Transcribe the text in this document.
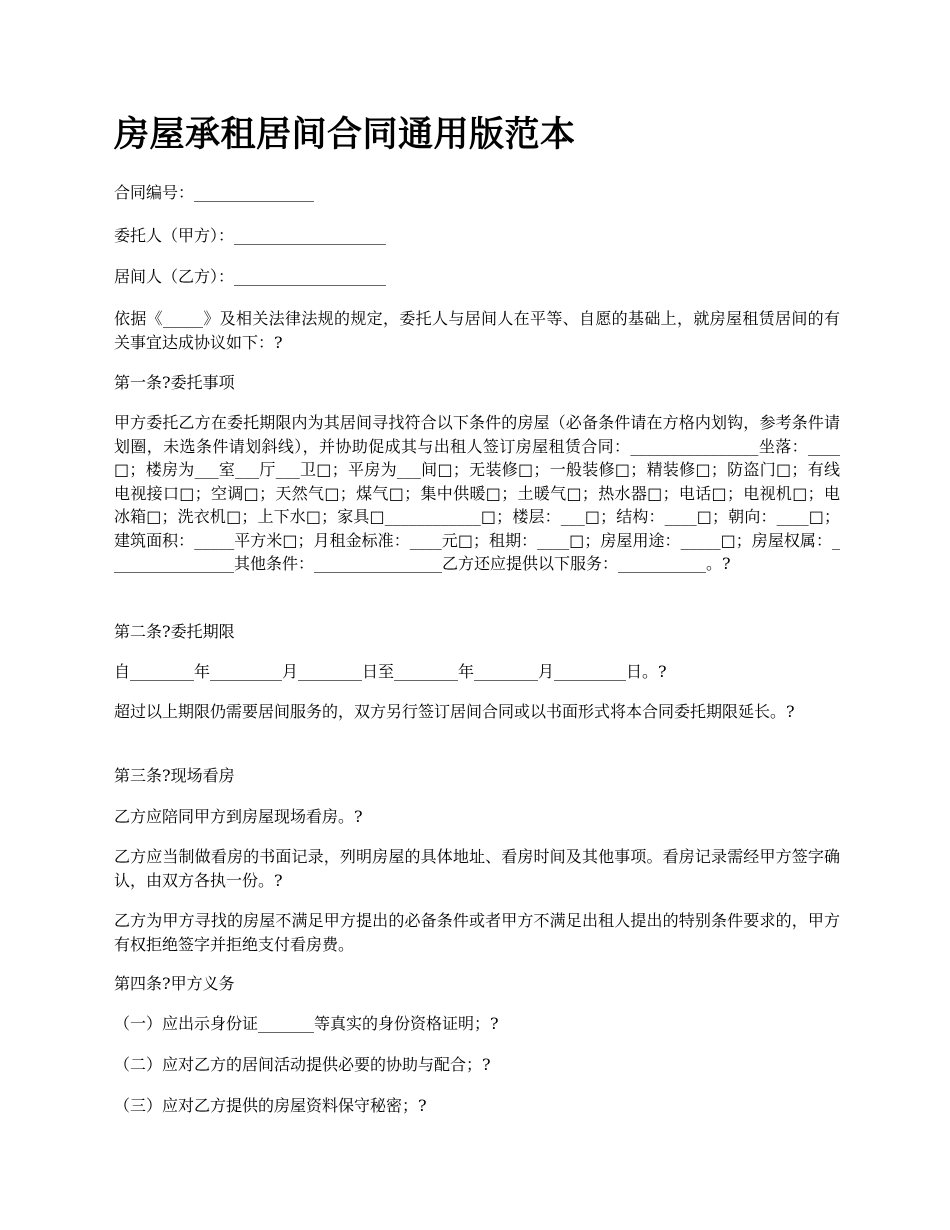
房屋承租居间合同通用版范本

合同编号：_______________

委托人（甲方）：___________________

居间人（乙方）：___________________

依据《_____》及相关法律法规的规定，委托人与居间人在平等、自愿的基础上，就房屋租赁居间的有关事宜达成协议如下：?

第一条?委托事项

甲方委托乙方在委托期限内为其居间寻找符合以下条件的房屋（必备条件请在方格内划钩，参考条件请划圈，未选条件请划斜线），并协助促成其与出租人签订房屋租赁合同：________________坐落：____□；楼房为___室___厅___卫□；平房为___间□；无装修□；一般装修□；精装修□；防盗门□；有线电视接口□；空调□；天然气□；煤气□；集中供暖□；土暖气□；热水器□；电话□；电视机□；电冰箱□；洗衣机□；上下水□；家具□____________□；楼层：___□；结构：____□；朝向：____□；建筑面积：_____平方米□；月租金标准：____元□；租期：____□；房屋用途：_____□；房屋权属：________________其他条件：________________乙方还应提供以下服务：___________。?

第二条?委托期限

自________年_________月________日至________年________月_________日。?

超过以上期限仍需要居间服务的，双方另行签订居间合同或以书面形式将本合同委托期限延长。?

第三条?现场看房

乙方应陪同甲方到房屋现场看房。?

乙方应当制做看房的书面记录，列明房屋的具体地址、看房时间及其他事项。看房记录需经甲方签字确认，由双方各执一份。?

乙方为甲方寻找的房屋不满足甲方提出的必备条件或者甲方不满足出租人提出的特别条件要求的，甲方有权拒绝签字并拒绝支付看房费。

第四条?甲方义务

（一）应出示身份证_______等真实的身份资格证明；?

（二）应对乙方的居间活动提供必要的协助与配合；?

（三）应对乙方提供的房屋资料保守秘密；?
